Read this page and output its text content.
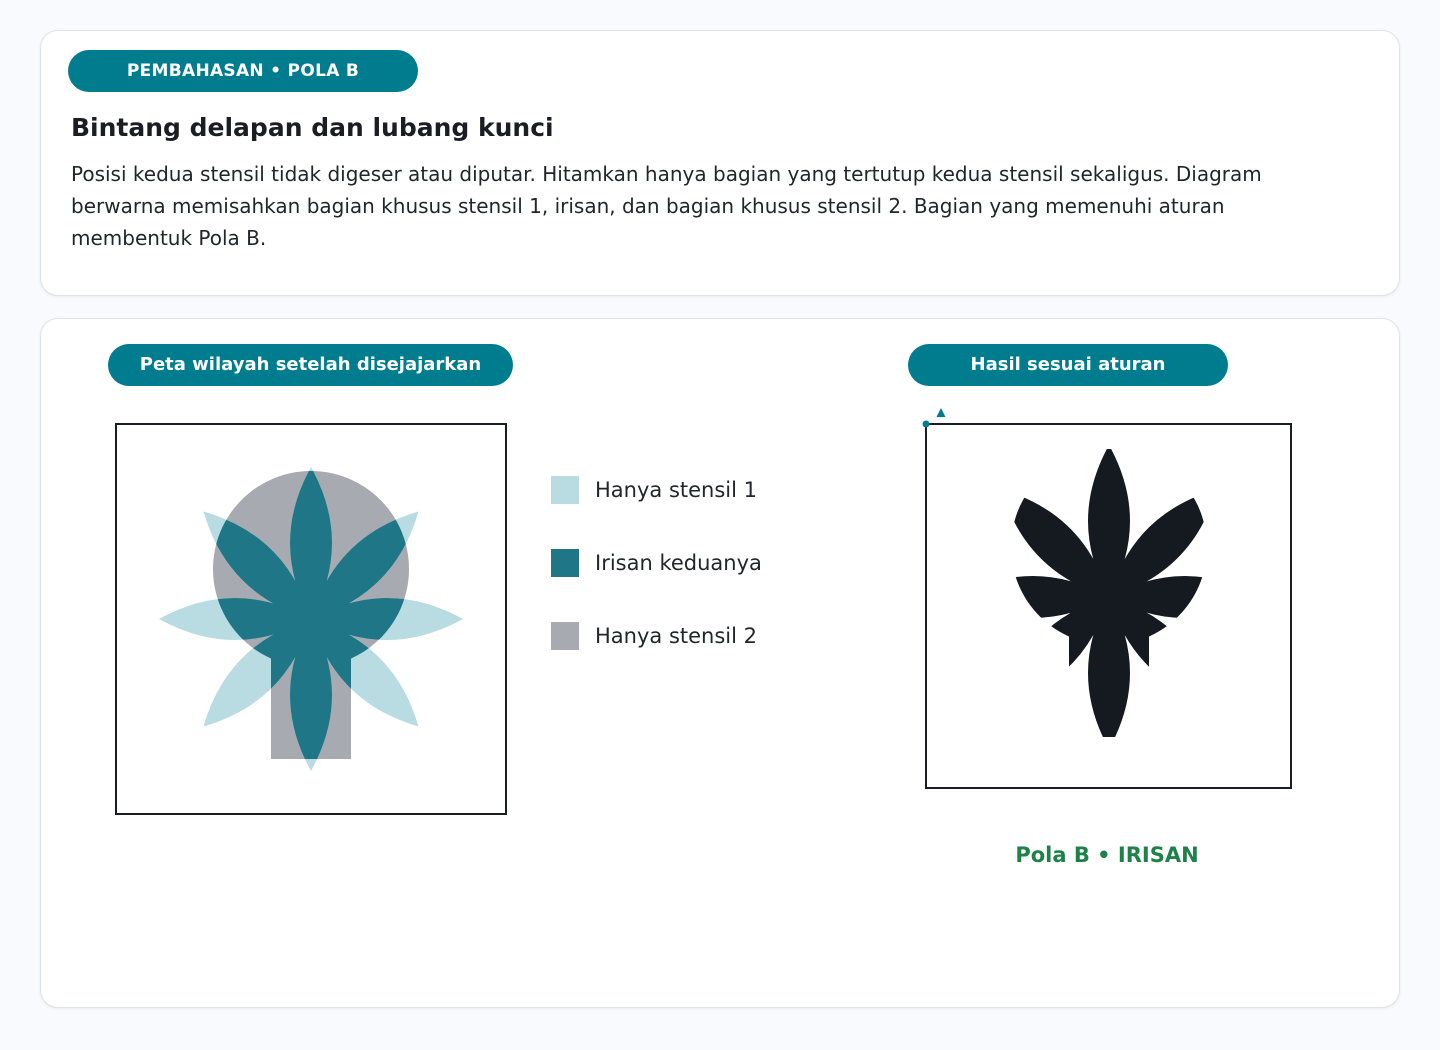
PEMBAHASAN • POLA B
Bintang delapan dan lubang kunci

Posisi kedua stensil tidak digeser atau diputar. Hitamkan hanya bagian yang tertutup kedua stensil sekaligus. Diagram berwarna memisahkan bagian khusus stensil 1, irisan, dan bagian khusus stensil 2. Bagian yang memenuhi aturan membentuk Pola B.

Peta wilayah setelah disejajarkan	Hasil sesuai aturan
Hanya stensil 1
Irisan keduanya
Hanya stensil 2
Pola B • IRISAN
